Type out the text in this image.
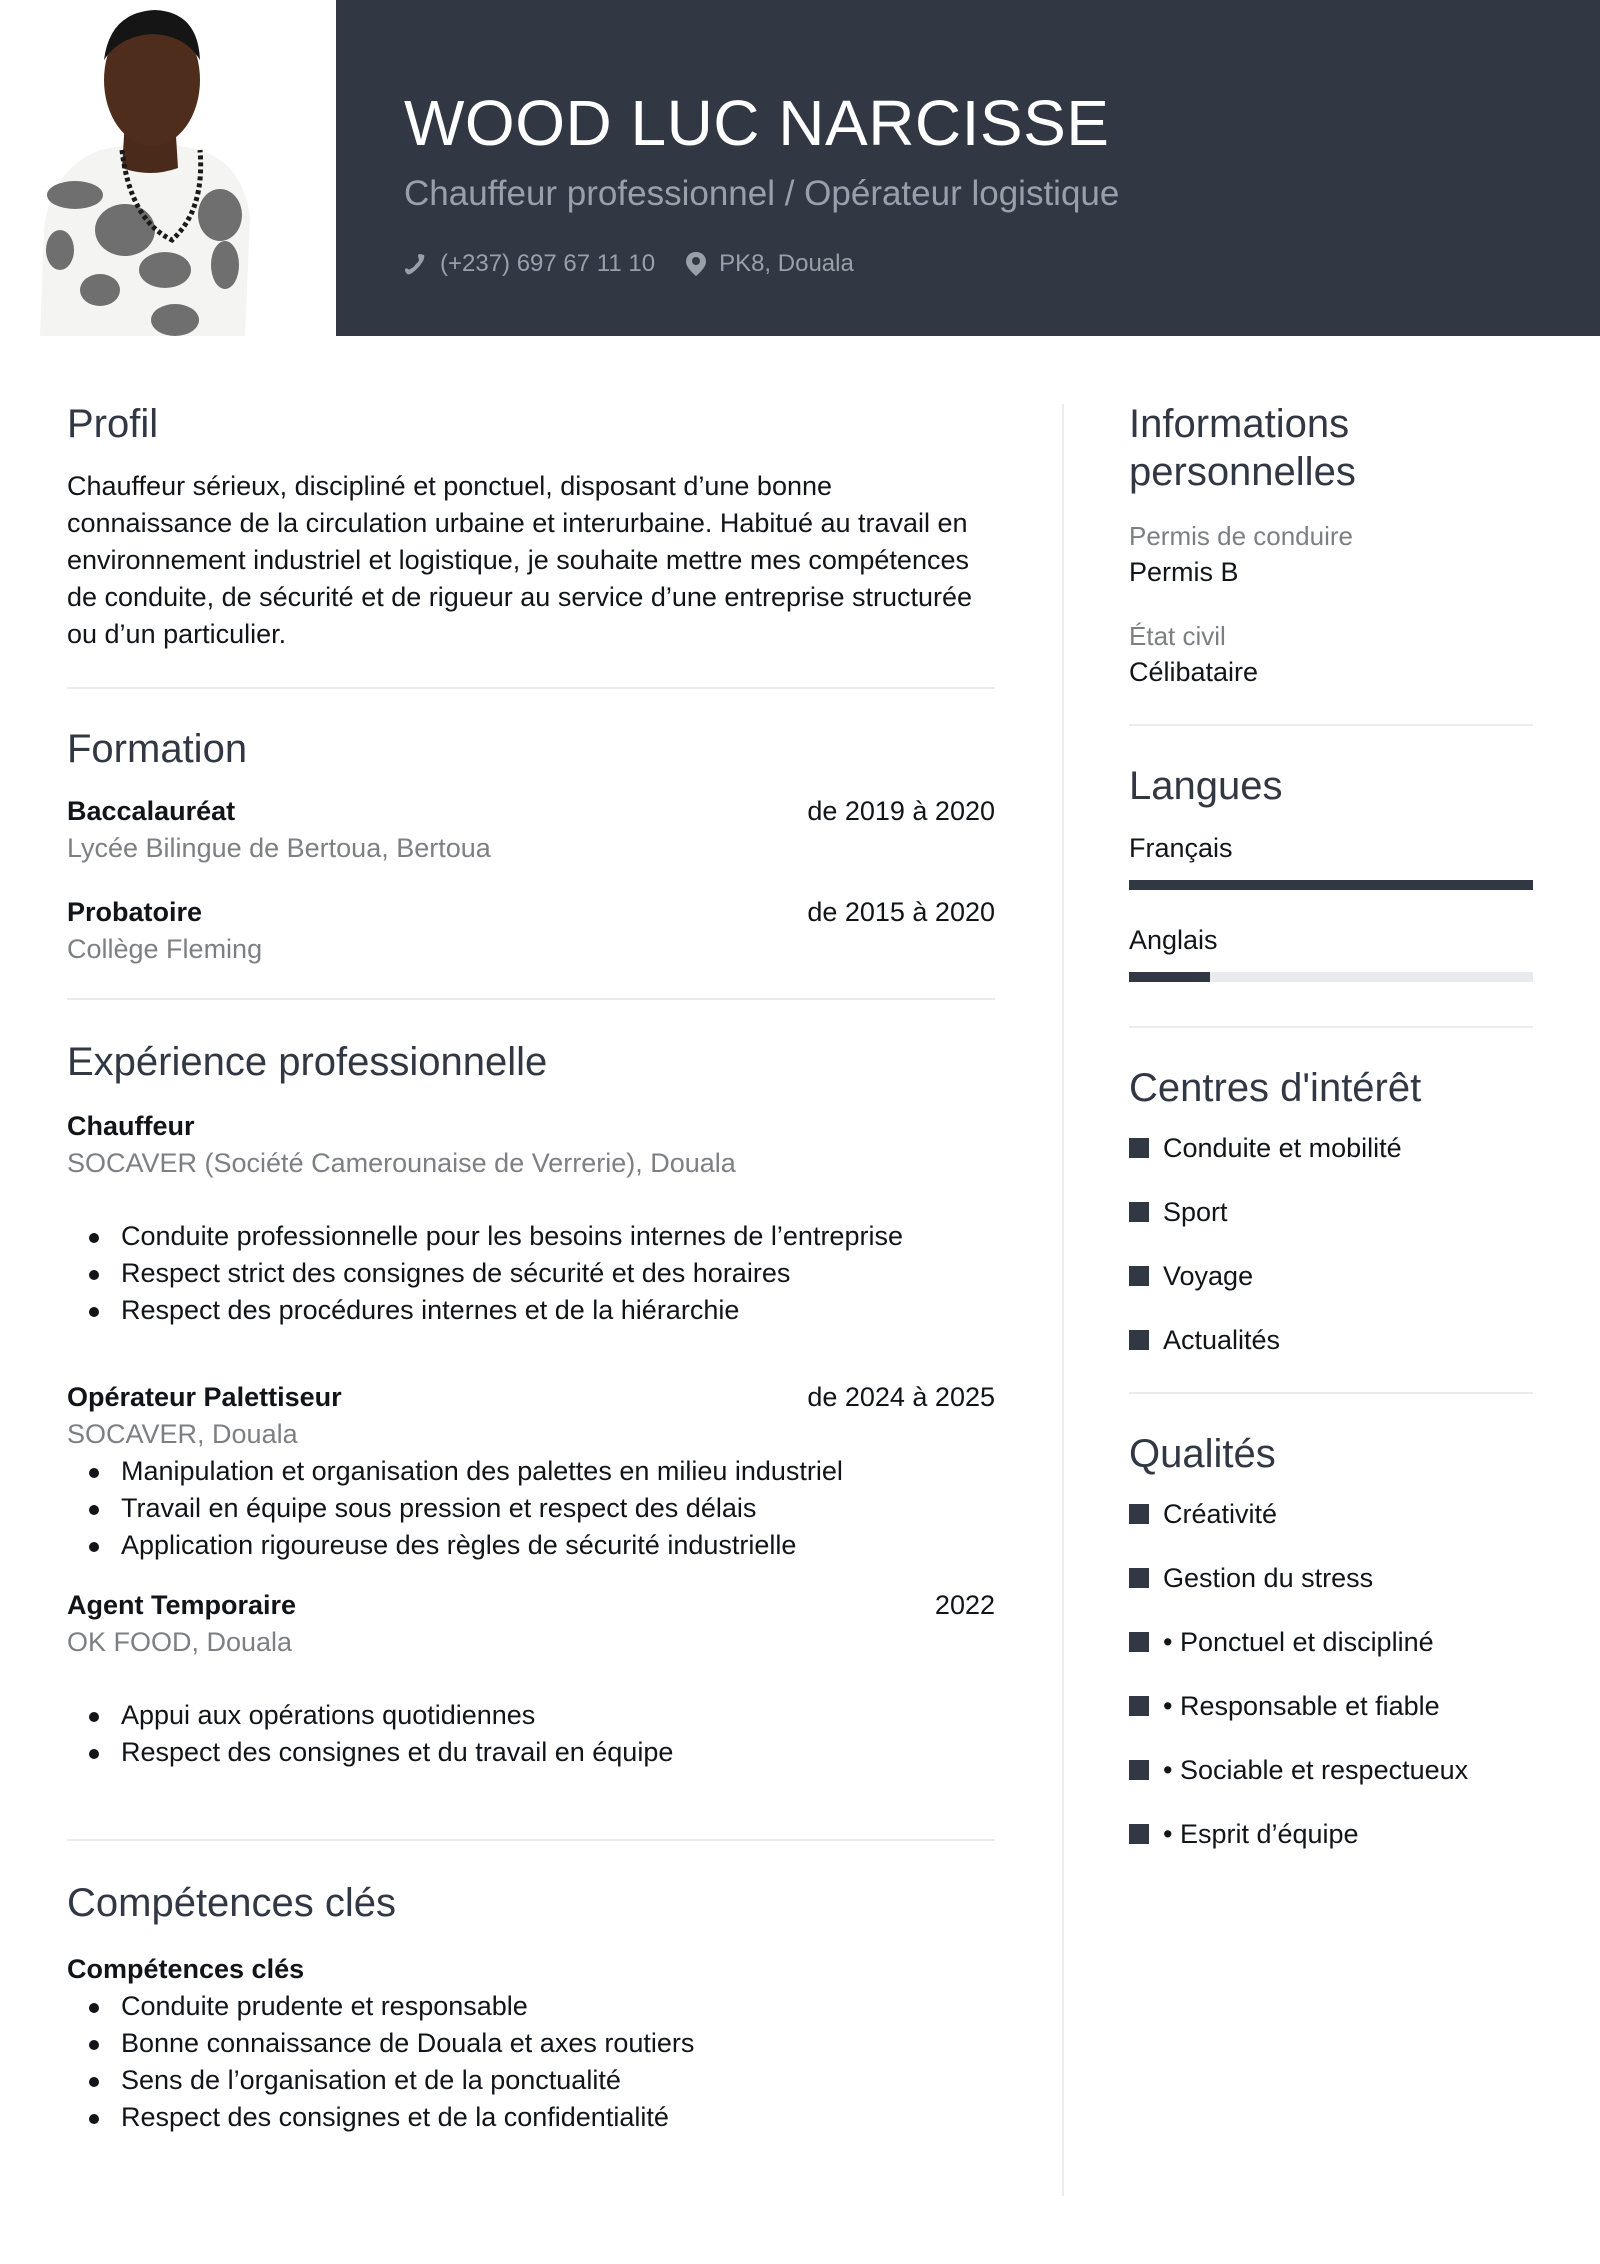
WOOD LUC NARCISSE
Chauffeur professionnel / Opérateur logistique
(+237) 697 67 11 10	PK8, Douala
Profil

Chauffeur sérieux, discipliné et ponctuel, disposant d’une bonne connaissance de la circulation urbaine et interurbaine. Habitué au travail en environnement industriel et logistique, je souhaite mettre mes compétences de conduite, de sécurité et de rigueur au service d’une entreprise structurée ou d’un particulier.

Formation
Baccalauréat	de 2019 à 2020
Lycée Bilingue de Bertoua, Bertoua
Probatoire	de 2015 à 2020
Collège Fleming
Expérience professionnelle
Chauffeur
SOCAVER (Société Camerounaise de Verrerie), Douala
Conduite professionnelle pour les besoins internes de l’entreprise
Respect strict des consignes de sécurité et des horaires
Respect des procédures internes et de la hiérarchie
Opérateur Palettiseur	de 2024 à 2025
SOCAVER, Douala
Manipulation et organisation des palettes en milieu industriel
Travail en équipe sous pression et respect des délais
Application rigoureuse des règles de sécurité industrielle
Agent Temporaire	2022
OK FOOD, Douala
Appui aux opérations quotidiennes
Respect des consignes et du travail en équipe
Compétences clés
Compétences clés
Conduite prudente et responsable
Bonne connaissance de Douala et axes routiers
Sens de l’organisation et de la ponctualité
Respect des consignes et de la confidentialité
Informations
personnelles
Permis de conduire
Permis B
État civil
Célibataire
Langues
Français
Anglais
Centres d'intérêt
Conduite et mobilité
Sport
Voyage
Actualités
Qualités
Créativité
Gestion du stress
• Ponctuel et discipliné
• Responsable et fiable
• Sociable et respectueux
• Esprit d’équipe
